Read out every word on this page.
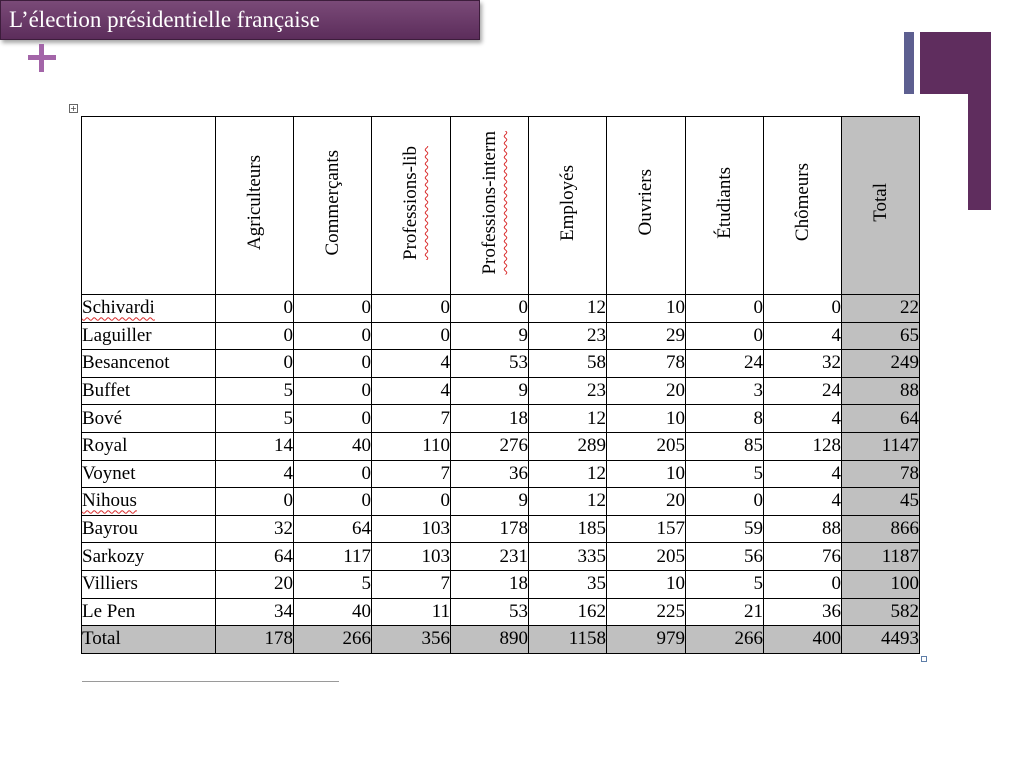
L’élection présidentielle française
+
	Agriculteurs	Commerçants	Professions-lib	Professions-interm	Employés	Ouvriers	Étudiants	Chômeurs	Total
Schivardi	0	0	0	0	12	10	0	0	22
Laguiller	0	0	0	9	23	29	0	4	65
Besancenot	0	0	4	53	58	78	24	32	249
Buffet	5	0	4	9	23	20	3	24	88
Bové	5	0	7	18	12	10	8	4	64
Royal	14	40	110	276	289	205	85	128	1147
Voynet	4	0	7	36	12	10	5	4	78
Nihous	0	0	0	9	12	20	0	4	45
Bayrou	32	64	103	178	185	157	59	88	866
Sarkozy	64	117	103	231	335	205	56	76	1187
Villiers	20	5	7	18	35	10	5	0	100
Le Pen	34	40	11	53	162	225	21	36	582
Total	178	266	356	890	1158	979	266	400	4493
